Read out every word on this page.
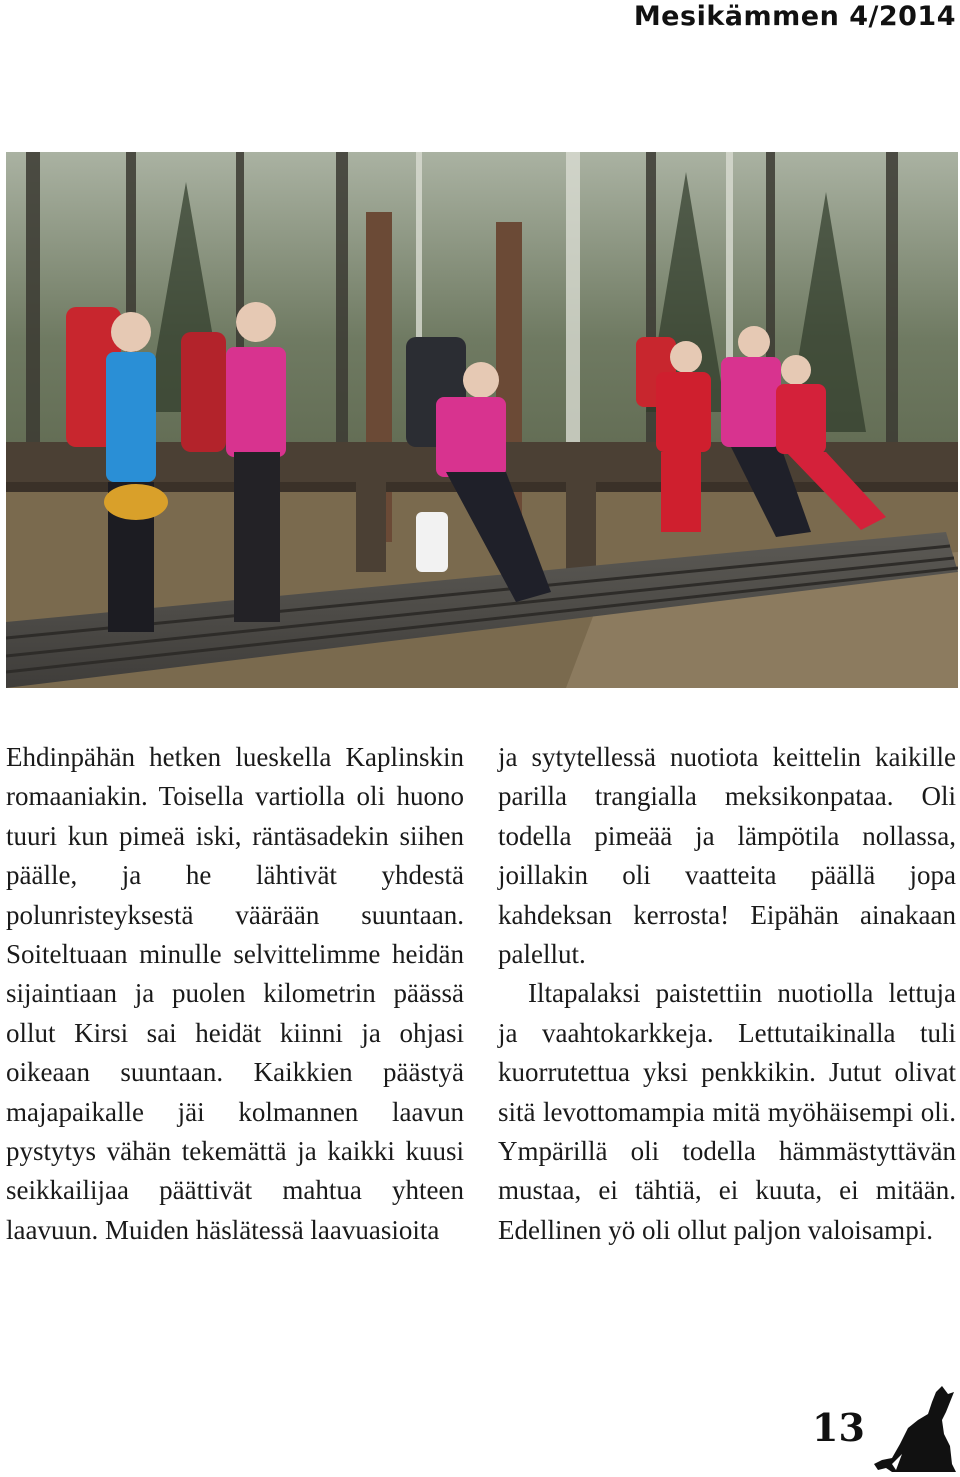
Mesikämmen 4/2014

Ehdinpähän hetken lueskella Kaplinskin romaaniakin. Toisella vartiolla oli huono tuuri kun pimeä iski, räntäsadekin siihen päälle, ja he lähtivät yhdestä polunristeyksestä väärään suuntaan. Soiteltuaan minulle selvittelimme heidän sijaintiaan ja puolen kilometrin päässä ollut Kirsi sai heidät kiinni ja ohjasi oikeaan suuntaan. Kaikkien päästyä majapaikalle jäi kolmannen laavun pystytys vähän tekemättä ja kaikki kuusi seikkailijaa päättivät mahtua yhteen laavuun. Muiden häslätessä laavuasioita

ja sytytellessä nuotiota keittelin kaikille parilla trangialla meksikonpataa. Oli todella pimeää ja lämpötila nollassa, joillakin oli vaatteita päällä jopa kahdeksan kerrosta! Eipähän ainakaan palellut.

Iltapalaksi paistettiin nuotiolla lettuja ja vaahtokarkkeja. Lettutaikinalla tuli kuorrutettua yksi penkkikin. Jutut olivat sitä levottomampia mitä myöhäisempi oli. Ympärillä oli todella hämmästyttävän mustaa, ei tähtiä, ei kuuta, ei mitään. Edellinen yö oli ollut paljon valoisampi.

13
